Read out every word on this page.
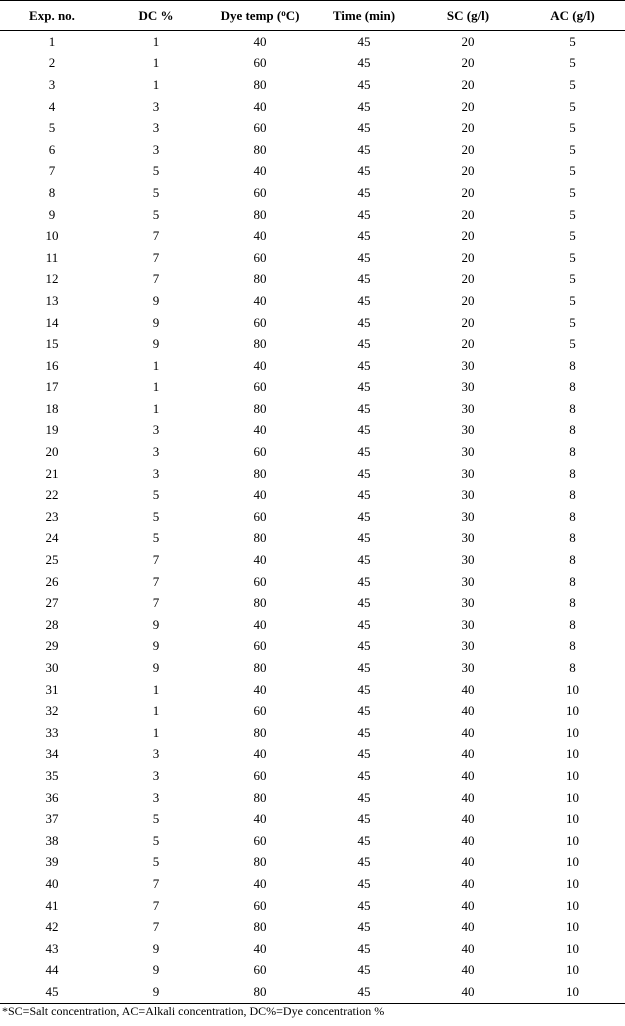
Exp. no.	DC %	Dye temp ($^o$C)	Time (min)	SC (g/l)	AC (g/l)
1	1	40	45	20	5
2	1	60	45	20	5
3	1	80	45	20	5
4	3	40	45	20	5
5	3	60	45	20	5
6	3	80	45	20	5
7	5	40	45	20	5
8	5	60	45	20	5
9	5	80	45	20	5
10	7	40	45	20	5
11	7	60	45	20	5
12	7	80	45	20	5
13	9	40	45	20	5
14	9	60	45	20	5
15	9	80	45	20	5
16	1	40	45	30	8
17	1	60	45	30	8
18	1	80	45	30	8
19	3	40	45	30	8
20	3	60	45	30	8
21	3	80	45	30	8
22	5	40	45	30	8
23	5	60	45	30	8
24	5	80	45	30	8
25	7	40	45	30	8
26	7	60	45	30	8
27	7	80	45	30	8
28	9	40	45	30	8
29	9	60	45	30	8
30	9	80	45	30	8
31	1	40	45	40	10
32	1	60	45	40	10
33	1	80	45	40	10
34	3	40	45	40	10
35	3	60	45	40	10
36	3	80	45	40	10
37	5	40	45	40	10
38	5	60	45	40	10
39	5	80	45	40	10
40	7	40	45	40	10
41	7	60	45	40	10
42	7	80	45	40	10
43	9	40	45	40	10
44	9	60	45	40	10
45	9	80	45	40	10
*SC=Salt concentration, AC=Alkali concentration, DC%=Dye concentration %
